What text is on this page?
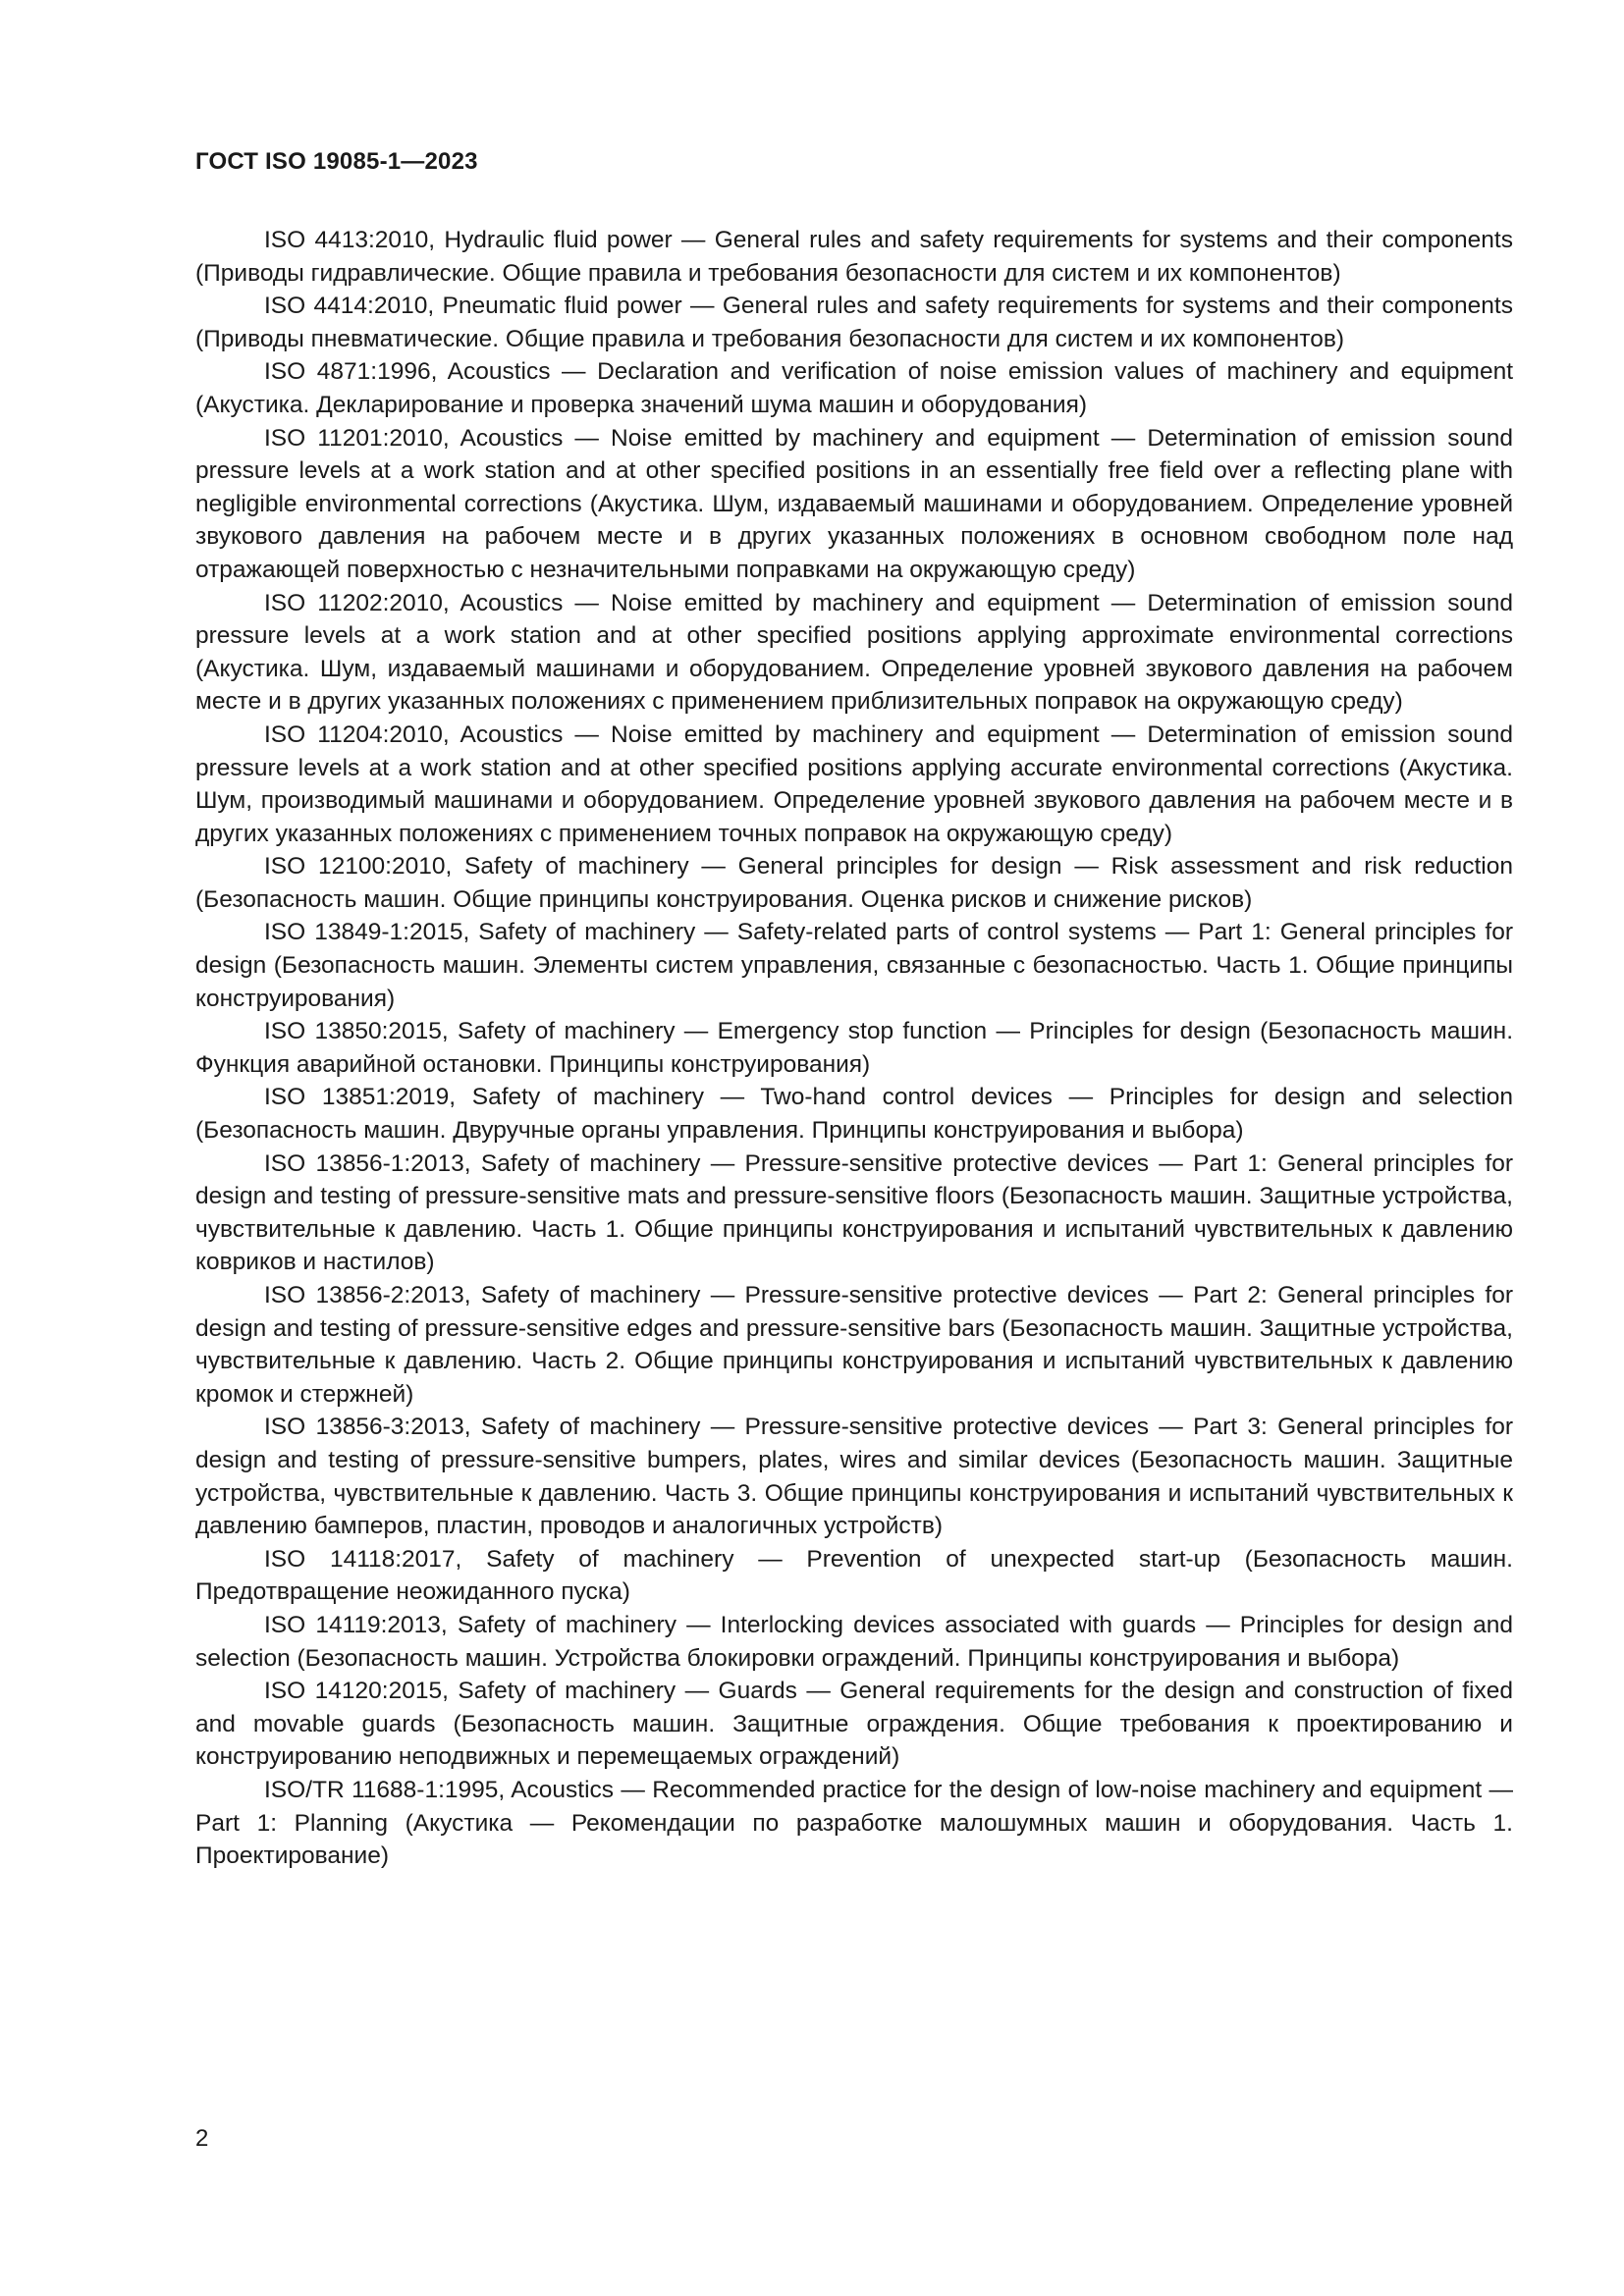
ГОСТ ISO 19085-1—2023

ISO 4413:2010, Hydraulic fluid power — General rules and safety requirements for systems and their components (Приводы гидравлические. Общие правила и требования безопасности для систем и их компонентов)

ISO 4414:2010, Pneumatic fluid power — General rules and safety requirements for systems and their components (Приводы пневматические. Общие правила и требования безопасности для систем и их компонентов)

ISO 4871:1996, Acoustics — Declaration and verification of noise emission values of machinery and equipment (Акустика. Декларирование и проверка значений шума машин и оборудования)

ISO 11201:2010, Acoustics — Noise emitted by machinery and equipment — Determination of emission sound pressure levels at a work station and at other specified positions in an essentially free field over a reflecting plane with negligible environmental corrections (Акустика. Шум, издаваемый машинами и оборудованием. Определение уровней звукового давления на рабочем месте и в других указанных положениях в основном свободном поле над отражающей поверхностью с незначительными поправками на окружающую среду)

ISO 11202:2010, Acoustics — Noise emitted by machinery and equipment — Determination of emission sound pressure levels at a work station and at other specified positions applying approximate environmental corrections (Акустика. Шум, издаваемый машинами и оборудованием. Определение уровней звукового давления на рабочем месте и в других указанных положениях с применением приблизительных поправок на окружающую среду)

ISO 11204:2010, Acoustics — Noise emitted by machinery and equipment — Determination of emission sound pressure levels at a work station and at other specified positions applying accurate environmental corrections (Акустика. Шум, производимый машинами и оборудованием. Определение уровней звукового давления на рабочем месте и в других указанных положениях с применением точных поправок на окружающую среду)

ISO 12100:2010, Safety of machinery — General principles for design — Risk assessment and risk reduction (Безопасность машин. Общие принципы конструирования. Оценка рисков и снижение рисков)

ISO 13849-1:2015, Safety of machinery — Safety-related parts of control systems — Part 1: General principles for design (Безопасность машин. Элементы систем управления, связанные с безопасностью. Часть 1. Общие принципы конструирования)

ISO 13850:2015, Safety of machinery — Emergency stop function — Principles for design (Безопасность машин. Функция аварийной остановки. Принципы конструирования)

ISO 13851:2019, Safety of machinery — Two-hand control devices — Principles for design and selection (Безопасность машин. Двуручные органы управления. Принципы конструирования и выбора)

ISO 13856-1:2013, Safety of machinery — Pressure-sensitive protective devices — Part 1: General principles for design and testing of pressure-sensitive mats and pressure-sensitive floors (Безопасность машин. Защитные устройства, чувствительные к давлению. Часть 1. Общие принципы конструирования и испытаний чувствительных к давлению ковриков и настилов)

ISO 13856-2:2013, Safety of machinery — Pressure-sensitive protective devices — Part 2: General principles for design and testing of pressure-sensitive edges and pressure-sensitive bars (Безопасность машин. Защитные устройства, чувствительные к давлению. Часть 2. Общие принципы конструирования и испытаний чувствительных к давлению кромок и стержней)

ISO 13856-3:2013, Safety of machinery — Pressure-sensitive protective devices — Part 3: General principles for design and testing of pressure-sensitive bumpers, plates, wires and similar devices (Безопасность машин. Защитные устройства, чувствительные к давлению. Часть 3. Общие принципы конструирования и испытаний чувствительных к давлению бамперов, пластин, проводов и аналогичных устройств)

ISO 14118:2017, Safety of machinery — Prevention of unexpected start-up (Безопасность машин. Предотвращение неожиданного пуска)

ISO 14119:2013, Safety of machinery — Interlocking devices associated with guards — Principles for design and selection (Безопасность машин. Устройства блокировки ограждений. Принципы конструирования и выбора)

ISO 14120:2015, Safety of machinery — Guards — General requirements for the design and construction of fixed and movable guards (Безопасность машин. Защитные ограждения. Общие требования к проектированию и конструированию неподвижных и перемещаемых ограждений)

ISO/TR 11688-1:1995, Acoustics — Recommended practice for the design of low-noise machinery and equipment — Part 1: Planning (Акустика — Рекомендации по разработке малошумных машин и оборудования. Часть 1. Проектирование)

2
